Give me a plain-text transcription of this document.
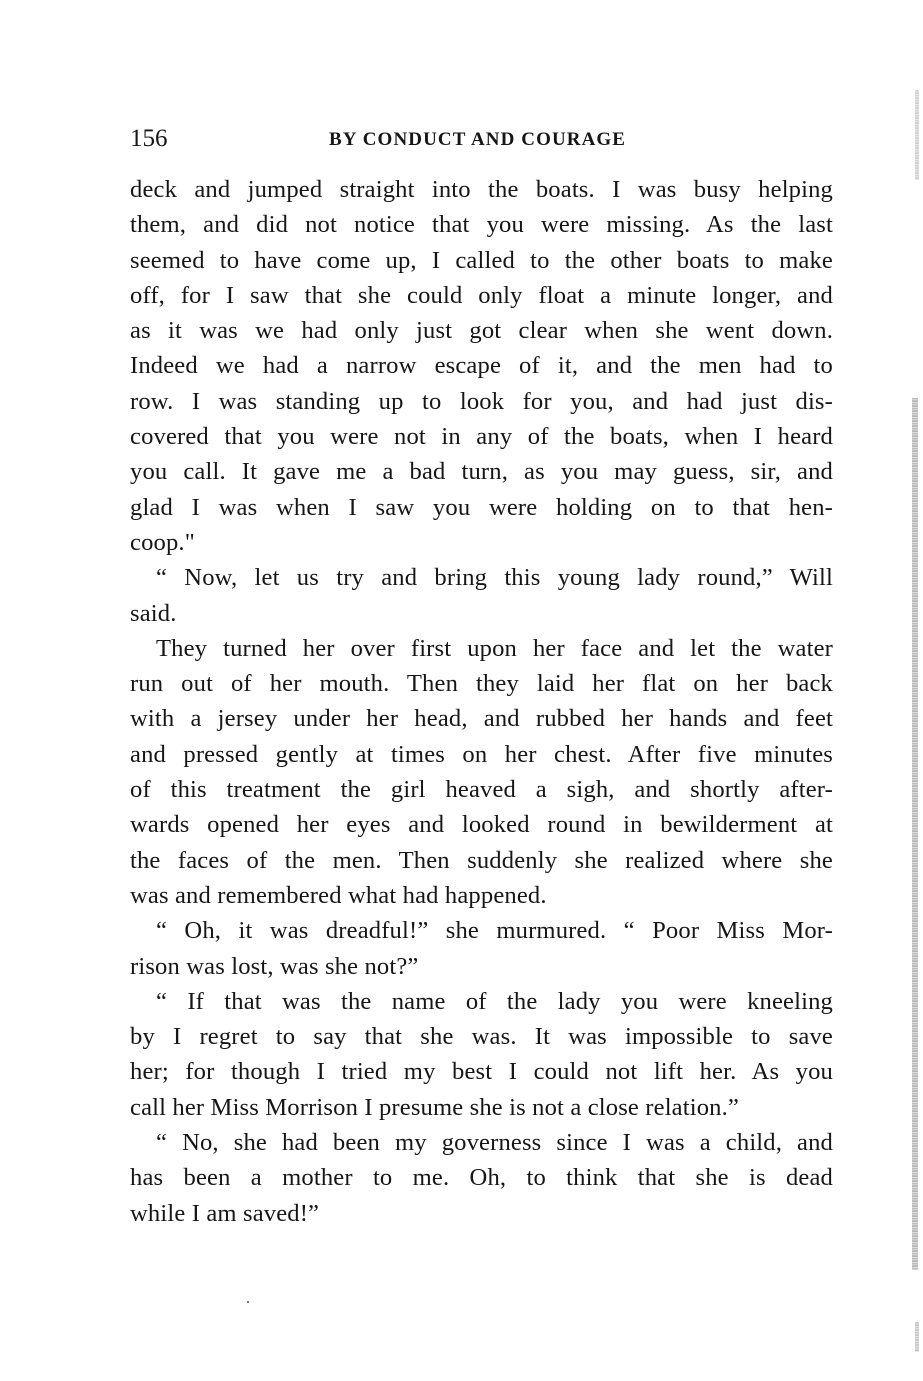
156	BY CONDUCT AND COURAGE
deck and jumped straight into the boats. I was busy helping
them, and did not notice that you were missing. As the last
seemed to have come up, I called to the other boats to make
off, for I saw that she could only float a minute longer, and
as it was we had only just got clear when she went down.
Indeed we had a narrow escape of it, and the men had to
row. I was standing up to look for you, and had just dis-
covered that you were not in any of the boats, when I heard
you call. It gave me a bad turn, as you may guess, sir, and
glad I was when I saw you were holding on to that hen-
coop."
“ Now, let us try and bring this young lady round,” Will
said.
They turned her over first upon her face and let the water
run out of her mouth. Then they laid her flat on her back
with a jersey under her head, and rubbed her hands and feet
and pressed gently at times on her chest. After five minutes
of this treatment the girl heaved a sigh, and shortly after-
wards opened her eyes and looked round in bewilderment at
the faces of the men. Then suddenly she realized where she
was and remembered what had happened.
“ Oh, it was dreadful!” she murmured. “ Poor Miss Mor-
rison was lost, was she not?”
“ If that was the name of the lady you were kneeling
by I regret to say that she was. It was impossible to save
her; for though I tried my best I could not lift her. As you
call her Miss Morrison I presume she is not a close relation.”
“ No, she had been my governess since I was a child, and
has been a mother to me. Oh, to think that she is dead
while I am saved!”
